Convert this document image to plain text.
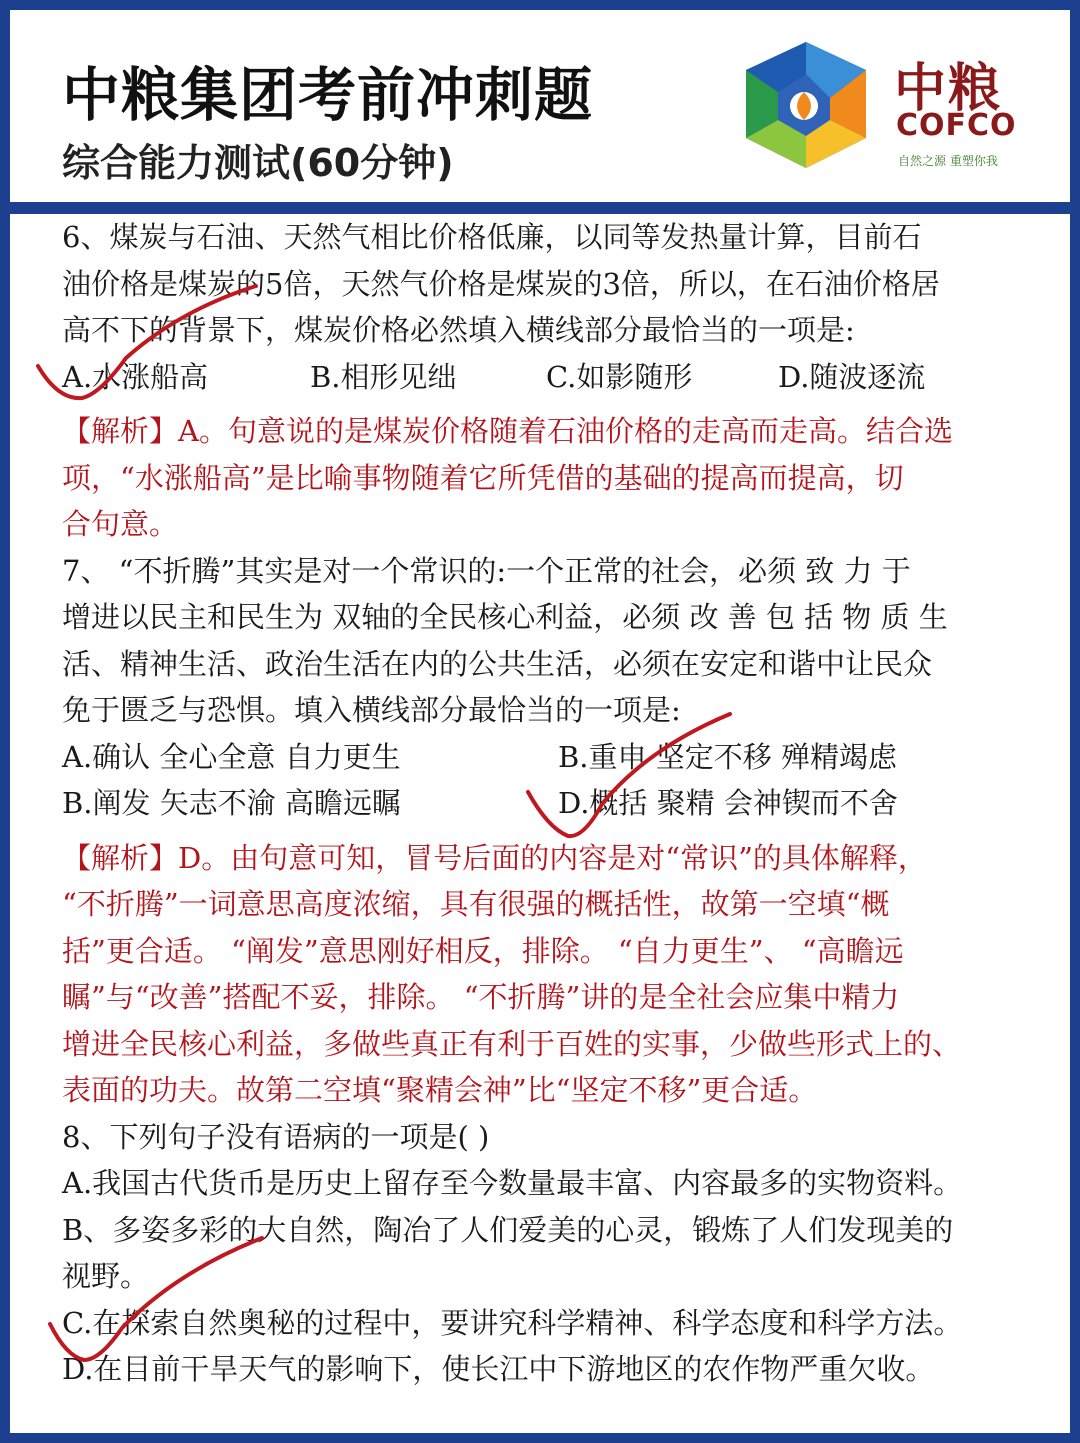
中粮集团考前冲刺题
综合能力测试(60分钟)
中粮
COFCO
自然之源 重塑你我

6、煤炭与石油、天然气相比价格低廉，以同等发热量计算，目前石

油价格是煤炭的5倍，天然气价格是煤炭的3倍，所以，在石油价格居

高不下的背景下，煤炭价格必然填入横线部分最恰当的一项是:

A.水涨船高	B.相形见绌	C.如影随形	D.随波逐流

【解析】A。句意说的是煤炭价格随着石油价格的走高而走高。结合选

项，“水涨船高”是比喻事物随着它所凭借的基础的提高而提高，切

合句意。

7、 “不折腾”其实是对一个常识的:一个正常的社会，必须 致 力 于

增进以民主和民生为 双轴的全民核心利益，必须 改 善 包 括 物 质 生

活、精神生活、政治生活在内的公共生活，必须在安定和谐中让民众

免于匮乏与恐惧。填入横线部分最恰当的一项是:

A.确认 全心全意 自力更生	B.重申 坚定不移 殚精竭虑
B.阐发 矢志不渝 高瞻远瞩	D.概括 聚精 会神锲而不舍

【解析】D。由句意可知，冒号后面的内容是对“常识”的具体解释，

“不折腾”一词意思高度浓缩，具有很强的概括性，故第一空填“概

括”更合适。 “阐发”意思刚好相反，排除。 “自力更生”、 “高瞻远

瞩”与“改善”搭配不妥，排除。 “不折腾”讲的是全社会应集中精力

增进全民核心利益，多做些真正有利于百姓的实事，少做些形式上的、

表面的功夫。故第二空填“聚精会神”比“坚定不移”更合适。

8、下列句子没有语病的一项是( )

A.我国古代货币是历史上留存至今数量最丰富、内容最多的实物资料。

B、多姿多彩的大自然，陶冶了人们爱美的心灵，锻炼了人们发现美的

视野。

C.在探索自然奥秘的过程中，要讲究科学精神、科学态度和科学方法。

D.在目前干旱天气的影响下，使长江中下游地区的农作物严重欠收。
